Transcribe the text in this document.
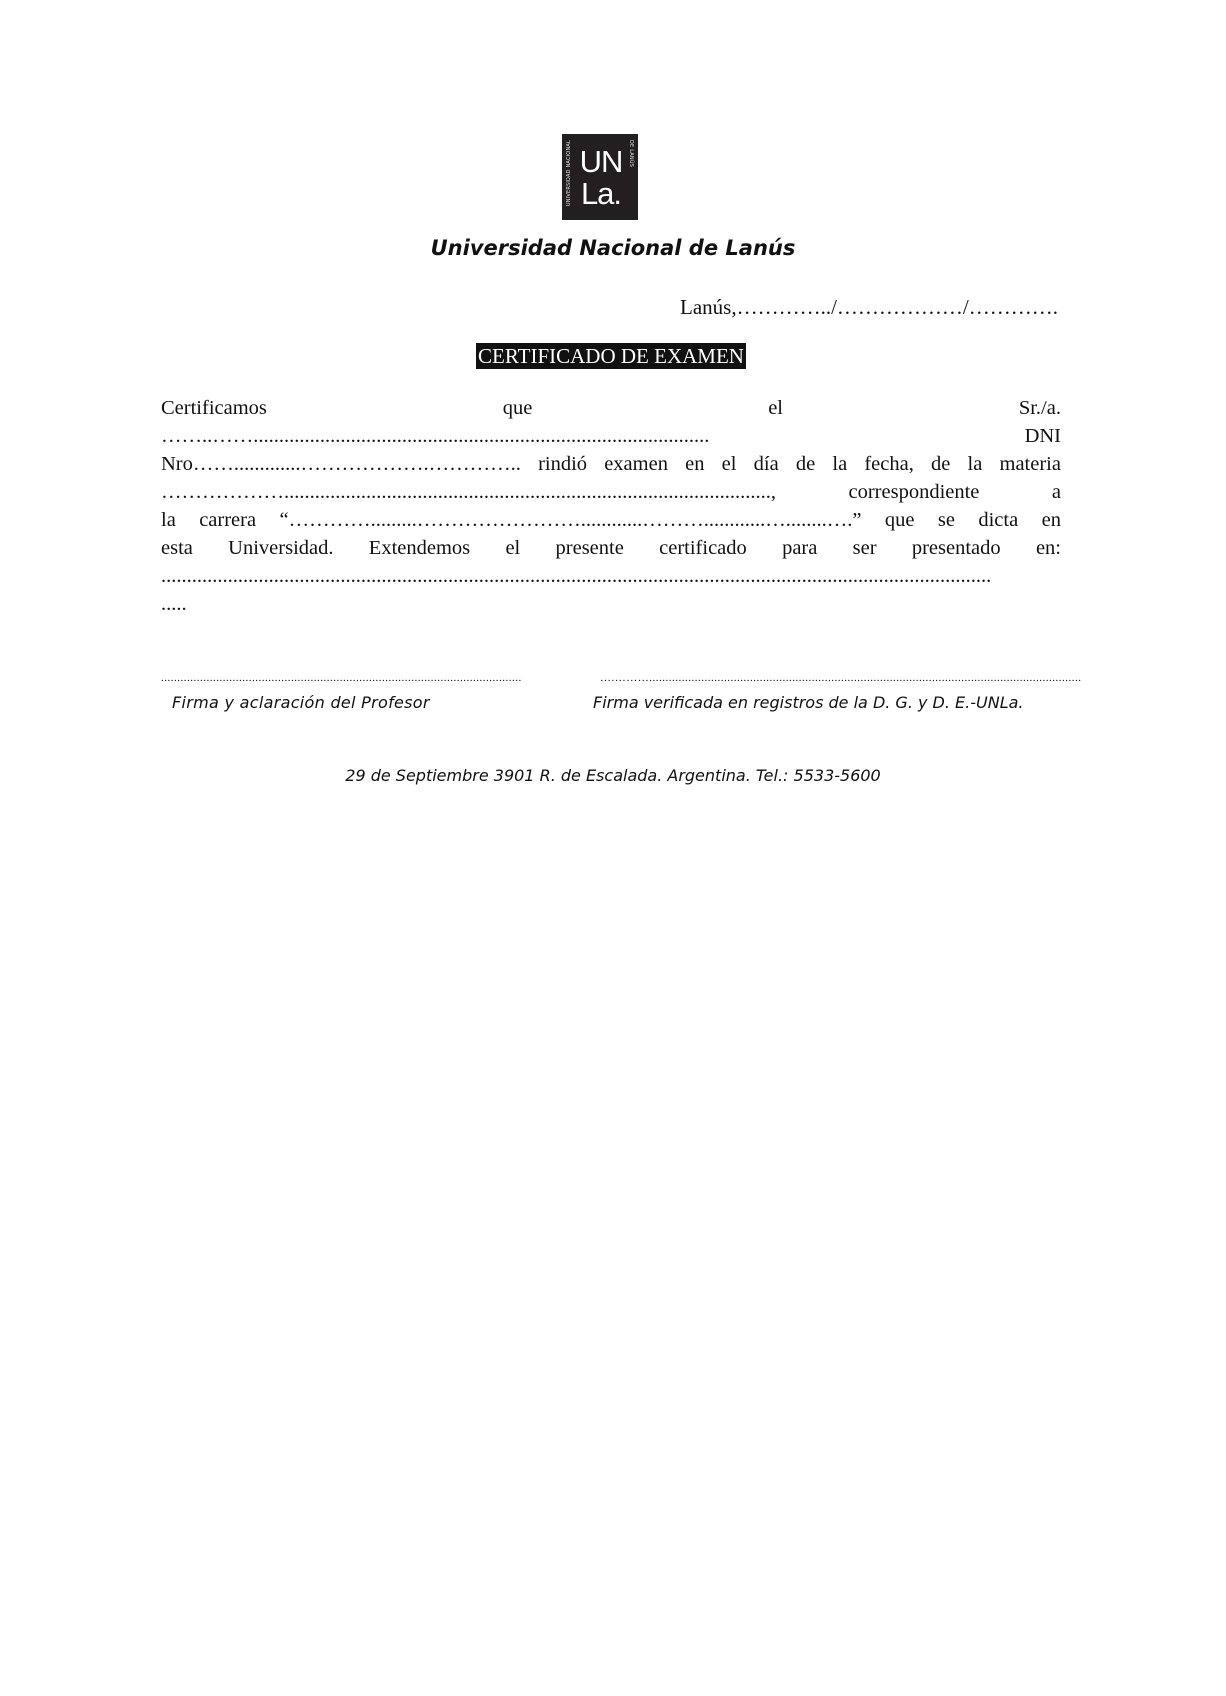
UNIVERSIDAD NACIONAL	DE LANÚS
UN
La.
Universidad Nacional de Lanús
Lanús,…………../………………/………….
CERTIFICADO DE EXAMEN
Certificamos	que	el	Sr./a.
……..…….........................................................................................	DNI
Nro…….............……………….………….. rindió examen en el día de la fecha, de la materia
………………...............................................................................................,	correspondiente	a
la carrera “………….........……………………............………............…........….” que se dicta en
esta Universidad. Extendemos el presente certificado para ser presentado en:
..................................................................................................................................................................
.....
...............................................................................................................	….……….....................................................................................................................................
Firma y aclaración del Profesor	Firma verificada en registros de la D. G. y D. E.-UNLa.
29 de Septiembre 3901 R. de Escalada. Argentina. Tel.: 5533-5600
